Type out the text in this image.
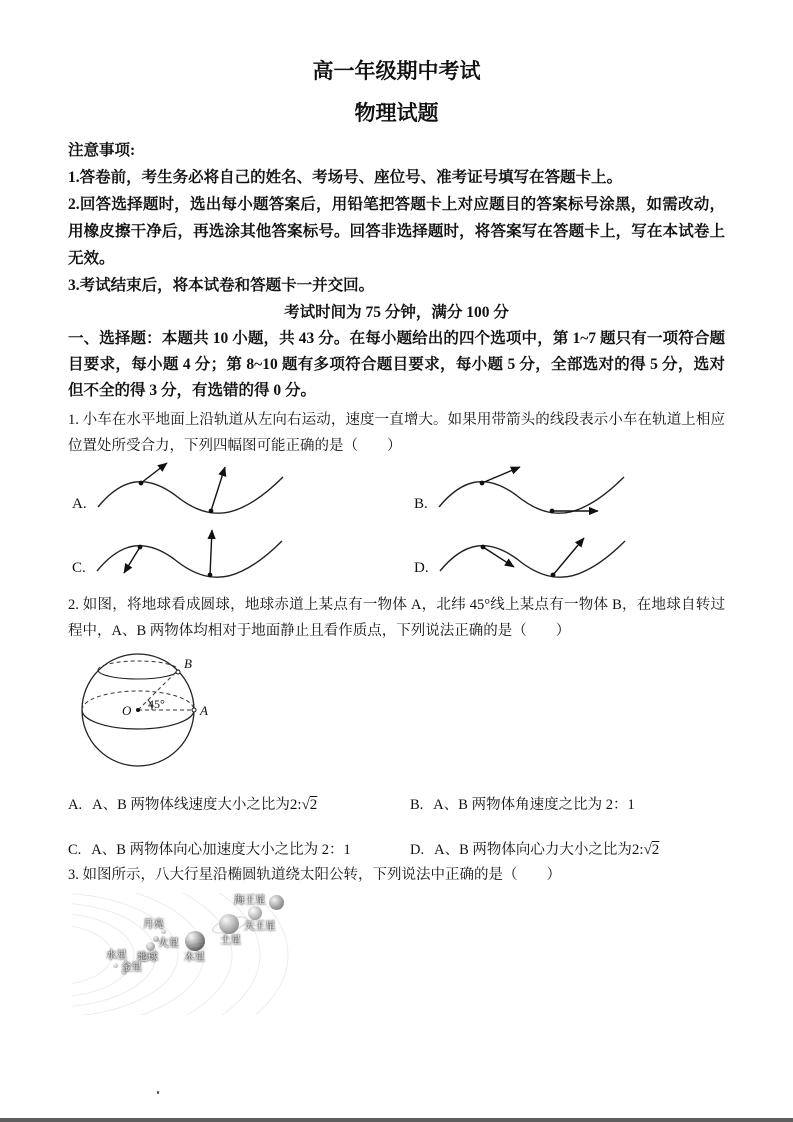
高一年级期中考试
物理试题
注意事项:

1.答卷前，考生务必将自己的姓名、考场号、座位号、准考证号填写在答题卡上。

2.回答选择题时，选出每小题答案后，用铅笔把答题卡上对应题目的答案标号涂黑，如需改动，用橡皮擦干净后，再选涂其他答案标号。回答非选择题时，将答案写在答题卡上，写在本试卷上无效。

3.考试结束后，将本试卷和答题卡一并交回。

考试时间为 75 分钟，满分 100 分

一、选择题：本题共 10 小题，共 43 分。在每小题给出的四个选项中，第 1~7 题只有一项符合题目要求，每小题 4 分；第 8~10 题有多项符合题目要求，每小题 5 分，全部选对的得 5 分，选对但不全的得 3 分，有选错的得 0 分。

1. 小车在水平地面上沿轨道从左向右运动，速度一直增大。如果用带箭头的线段表示小车在轨道上相应位置处所受合力，下列四幅图可能正确的是（　　）

A.	B.
C.	D.

2. 如图，将地球看成圆球，地球赤道上某点有一物体 A，北纬 45°线上某点有一物体 B，在地球自转过程中，A、B 两物体均相对于地面静止且看作质点，下列说法正确的是（　　）

O 45°	A
B
A. A、B 两物体线速度大小之比为2:√2	B. A、B 两物体角速度之比为 2：1
C. A、B 两物体向心加速度大小之比为 2：1	D. A、B 两物体向心力大小之比为2:√2

3. 如图所示，八大行星沿椭圆轨道绕太阳公转，下列说法中正确的是（　　）

海王星
天王星
土星
木星
月亮
火星
地球
水星
金星
